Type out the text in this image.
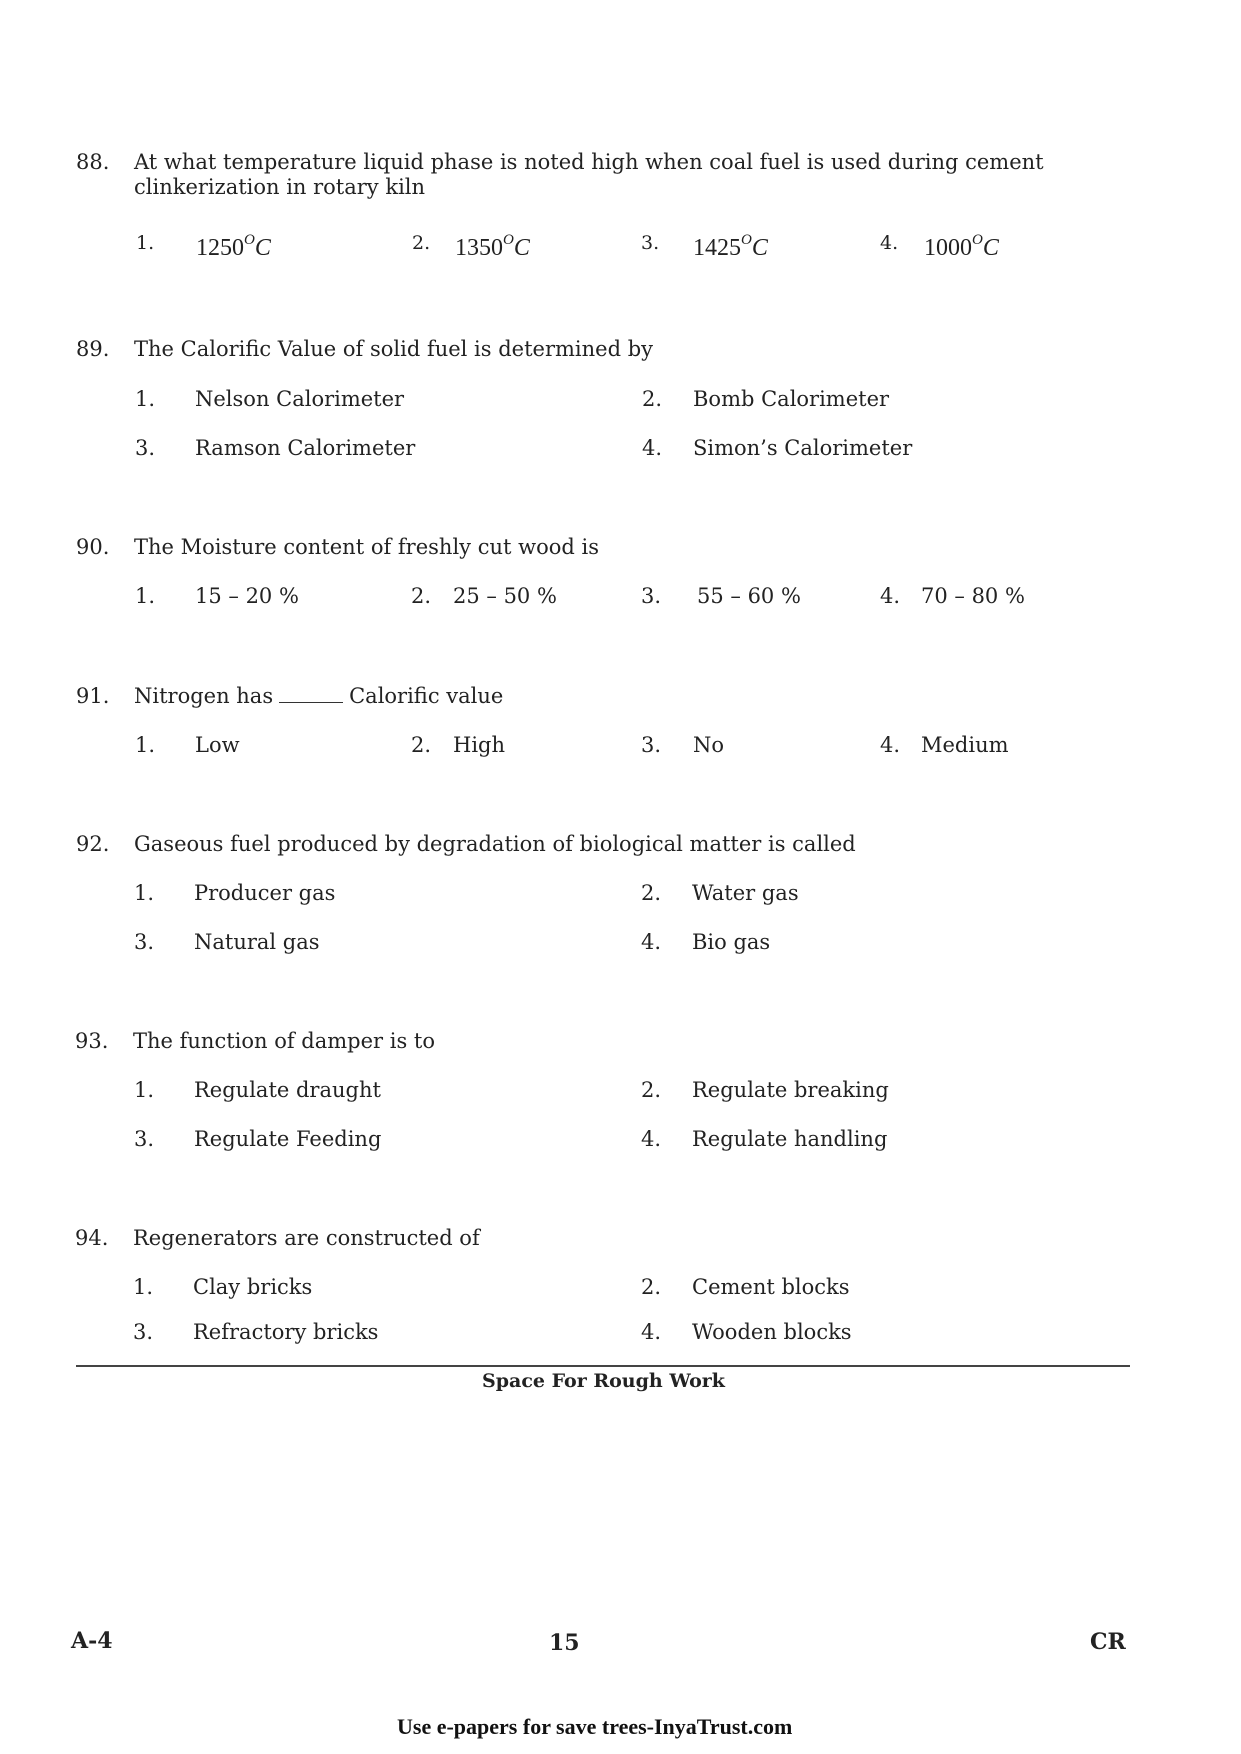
88. At what temperature liquid phase is noted high when coal fuel is used during cement
clinkerization in rotary kiln
1. $1250^OC$	2. $1350^OC$	3. $1425^OC$	4. $1000^OC$
89. The Calorific Value of solid fuel is determined by
1. Nelson Calorimeter	2. Bomb Calorimeter
3. Ramson Calorimeter	4. Simon’s Calorimeter
90. The Moisture content of freshly cut wood is
1. 15 – 20 %	2. 25 – 50 %	3. 55 – 60 %	4. 70 – 80 %
91. Nitrogen has	Calorific value
1. Low	2. High	3. No	4. Medium
92. Gaseous fuel produced by degradation of biological matter is called
1. Producer gas	2. Water gas
3. Natural gas	4. Bio gas
93. The function of damper is to
1. Regulate draught	2. Regulate breaking
3. Regulate Feeding	4. Regulate handling
94. Regenerators are constructed of
1. Clay bricks	2. Cement blocks
3. Refractory bricks	4. Wooden blocks
Space For Rough Work
A-4	15	CR
Use e-papers for save trees-InyaTrust.com
